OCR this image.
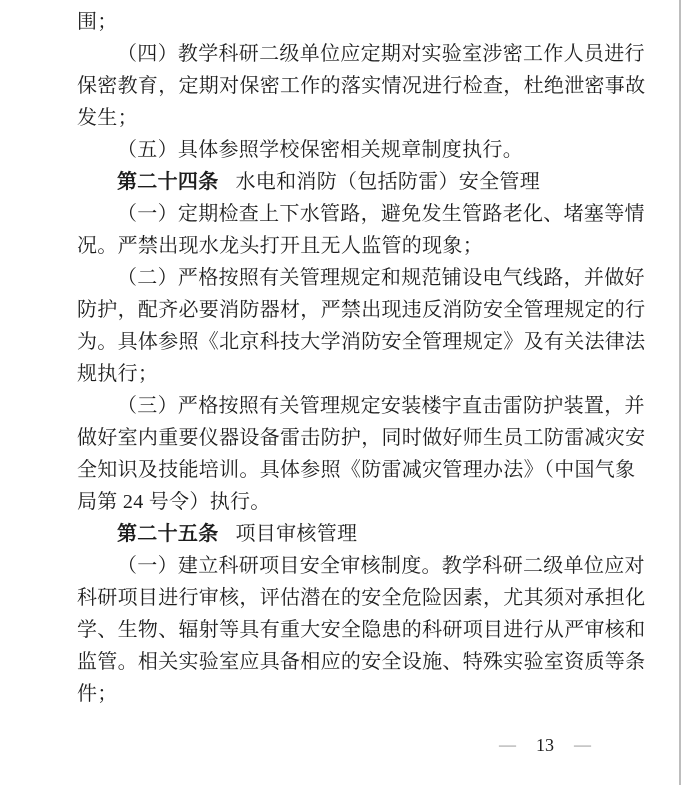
围；
（四）教学科研二级单位应定期对实验室涉密工作人员进行
保密教育，定期对保密工作的落实情况进行检查，杜绝泄密事故
发生；
（五）具体参照学校保密相关规章制度执行。
第二十四条 水电和消防（包括防雷）安全管理
（一）定期检查上下水管路，避免发生管路老化、堵塞等情
况。严禁出现水龙头打开且无人监管的现象；
（二）严格按照有关管理规定和规范铺设电气线路，并做好
防护，配齐必要消防器材，严禁出现违反消防安全管理规定的行
为。具体参照《北京科技大学消防安全管理规定》及有关法律法
规执行；
（三）严格按照有关管理规定安装楼宇直击雷防护装置，并
做好室内重要仪器设备雷击防护，同时做好师生员工防雷减灾安
全知识及技能培训。具体参照《防雷减灾管理办法》（中国气象
局第 24 号令）执行。
第二十五条 项目审核管理
（一）建立科研项目安全审核制度。教学科研二级单位应对
科研项目进行审核，评估潜在的安全危险因素，尤其须对承担化
学、生物、辐射等具有重大安全隐患的科研项目进行从严审核和
监管。相关实验室应具备相应的安全设施、特殊实验室资质等条
件；
— 13 —
